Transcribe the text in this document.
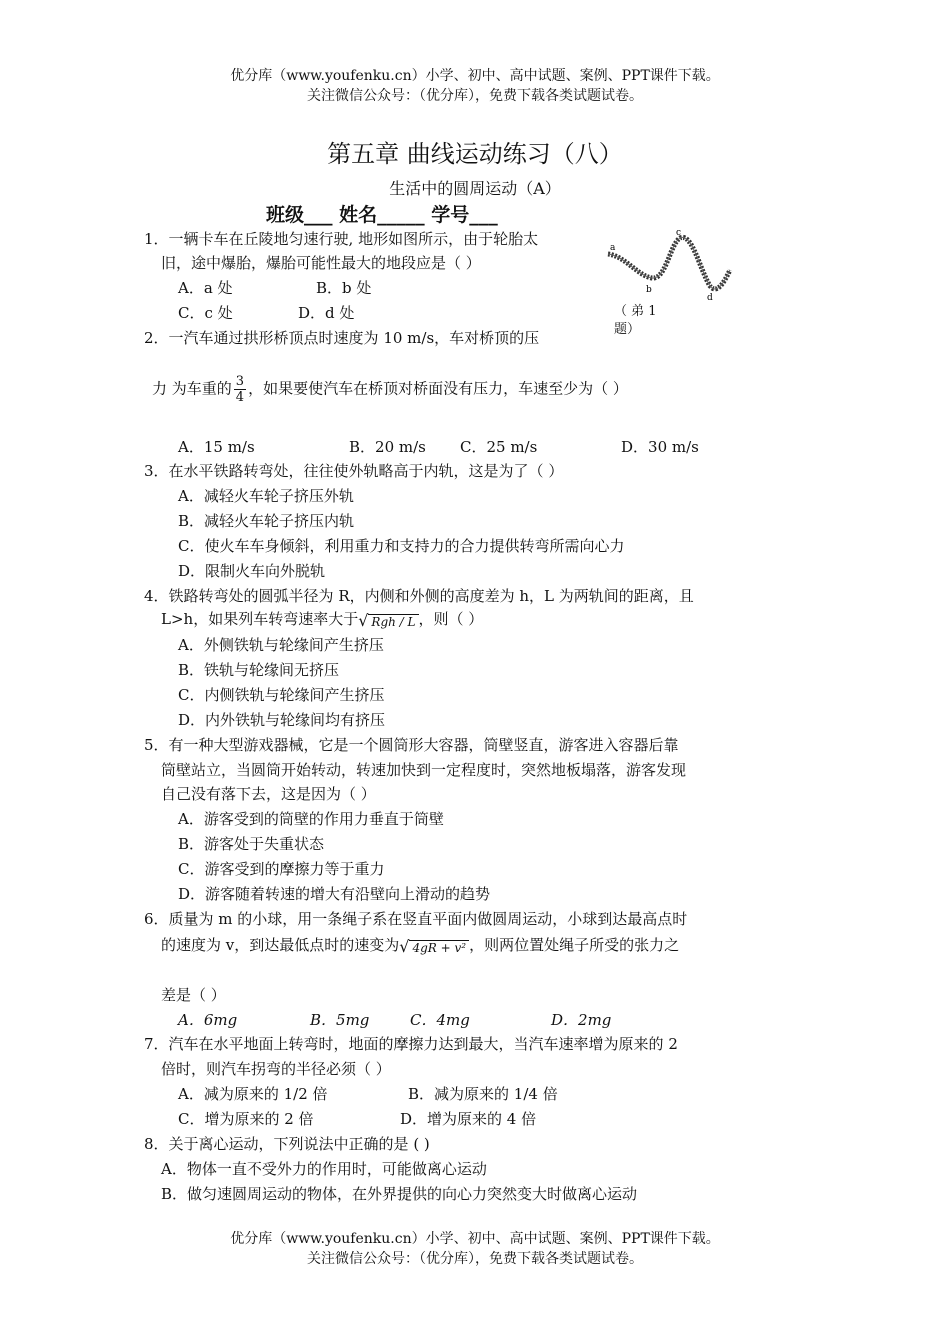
优分库（www.youfenku.cn）小学、初中、高中试题、案例、PPT课件下载。
关注微信公众号：（优分库），免费下载各类试题试卷。
第五章 曲线运动练习（八）
生活中的圆周运动（A）
班级___ 姓名_____ 学号___
a
b
c
d
（ 弟 1
题）
1．一辆卡车在丘陵地匀速行驶, 地形如图所示，由于轮胎太
旧，途中爆胎，爆胎可能性最大的地段应是（ ）
A．a 处	B．b 处
C．c 处	D．d 处
2．一汽车通过拱形桥顶点时速度为 10 m/s，车对桥顶的压
力 为车重的 $\frac{3}{4}$ ，如果要使汽车在桥顶对桥面没有压力，车速至少为（ ）
A．15 m/s	B．20 m/s C．25 m/s	D．30 m/s
3．在水平铁路转弯处，往往使外轨略高于内轨，这是为了（ ）
A．减轻火车轮子挤压外轨
B．减轻火车轮子挤压内轨
C．使火车车身倾斜，利用重力和支持力的合力提供转弯所需向心力
D．限制火车向外脱轨
4．铁路转弯处的圆弧半径为 R，内侧和外侧的高度差为 h，L 为两轨间的距离，且
L>h，如果列车转弯速率大于√ Rgh / L ，则（ ）
A．外侧铁轨与轮缘间产生挤压
B．铁轨与轮缘间无挤压
C．内侧铁轨与轮缘间产生挤压
D．内外铁轨与轮缘间均有挤压
5．有一种大型游戏器械，它是一个圆筒形大容器，筒壁竖直，游客进入容器后靠
筒壁站立，当圆筒开始转动，转速加快到一定程度时，突然地板塌落，游客发现
自己没有落下去，这是因为（ ）
A．游客受到的筒壁的作用力垂直于筒壁
B．游客处于失重状态
C．游客受到的摩擦力等于重力
D．游客随着转速的增大有沿壁向上滑动的趋势
6．质量为 m 的小球，用一条绳子系在竖直平面内做圆周运动，小球到达最高点时
的速度为 v，到达最低点时的速变为√ 4gR + v² ，则两位置处绳子所受的张力之
差是（ ）
A．6mg	B．5mg	C．4mg	D．2mg
7．汽车在水平地面上转弯时，地面的摩擦力达到最大，当汽车速率增为原来的 2
倍时，则汽车拐弯的半径必须（ ）
A．减为原来的 1/2 倍	B．减为原来的 1/4 倍
C．增为原来的 2 倍	D．增为原来的 4 倍
8．关于离心运动，下列说法中正确的是 ( )
A．物体一直不受外力的作用时，可能做离心运动
B．做匀速圆周运动的物体，在外界提供的向心力突然变大时做离心运动
优分库（www.youfenku.cn）小学、初中、高中试题、案例、PPT课件下载。
关注微信公众号：（优分库），免费下载各类试题试卷。
